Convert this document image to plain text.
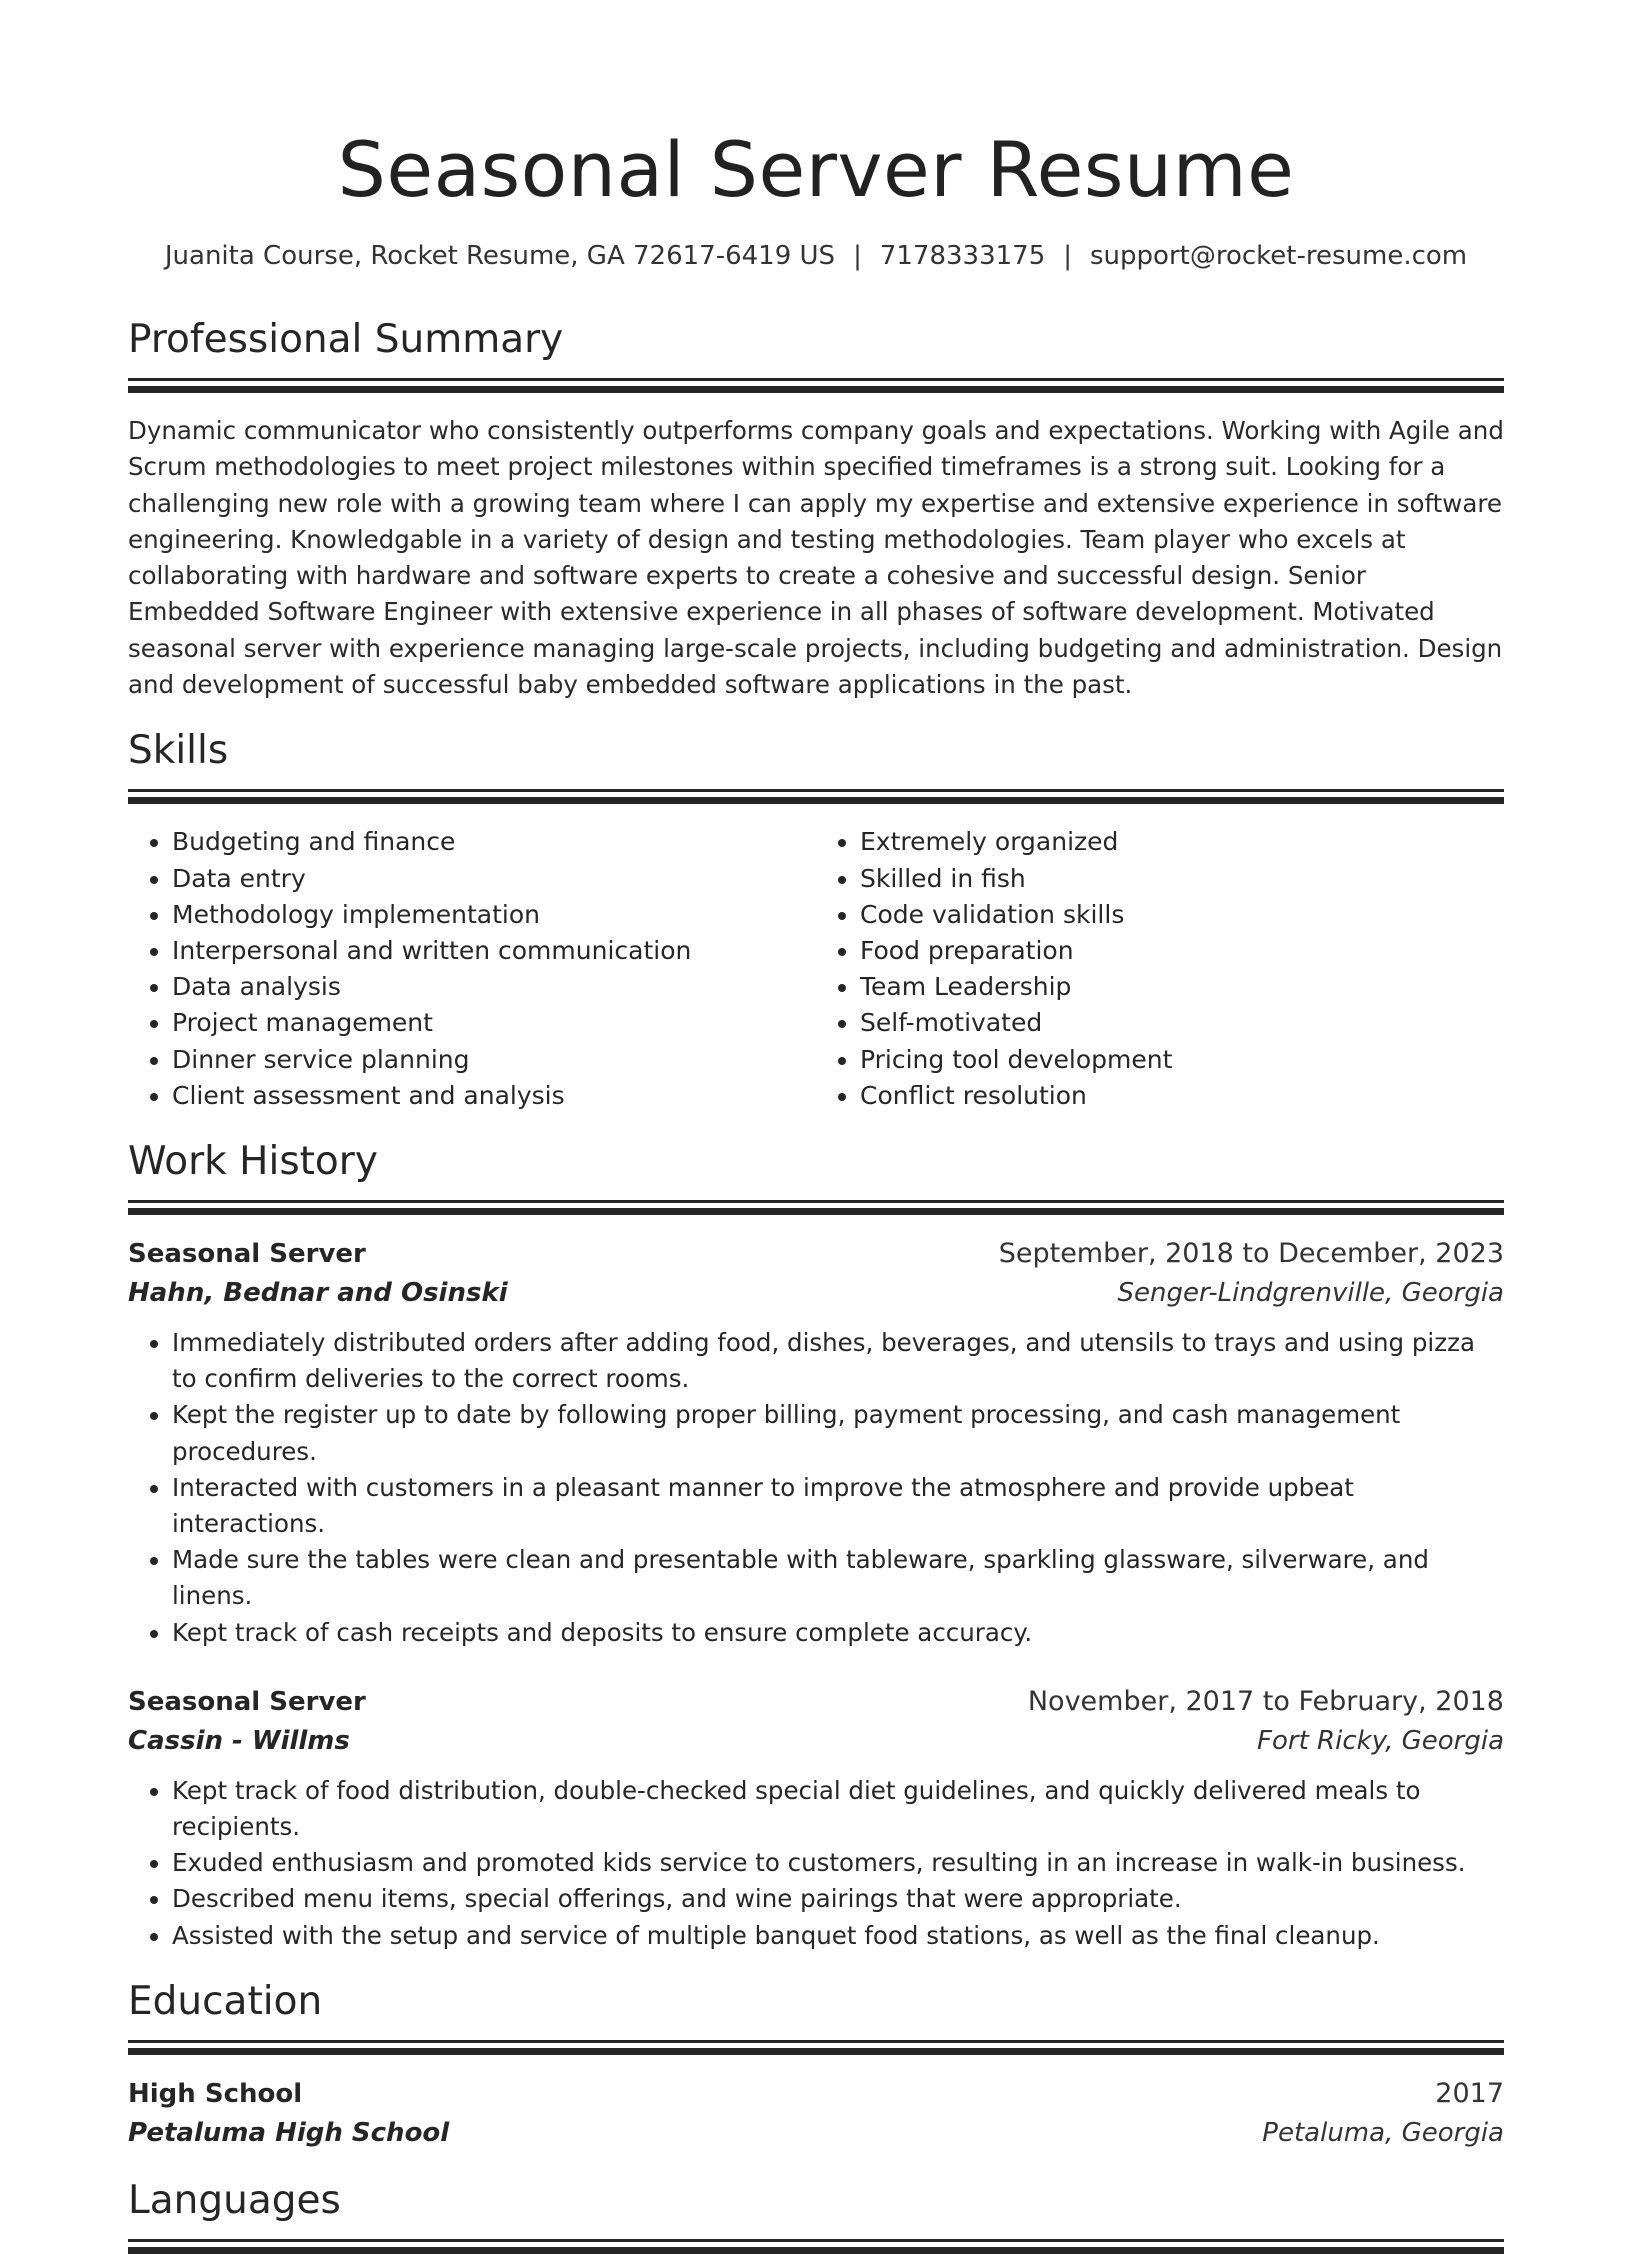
Seasonal Server Resume
Juanita Course, Rocket Resume, GA 72617-6419 US | 7178333175 | support@rocket-resume.com
Professional Summary

Dynamic communicator who consistently outperforms company goals and expectations. Working with Agile and Scrum methodologies to meet project milestones within specified timeframes is a strong suit. Looking for a challenging new role with a growing team where I can apply my expertise and extensive experience in software engineering. Knowledgable in a variety of design and testing methodologies. Team player who excels at collaborating with hardware and software experts to create a cohesive and successful design. Senior Embedded Software Engineer with extensive experience in all phases of software development. Motivated seasonal server with experience managing large-scale projects, including budgeting and administration. Design and development of successful baby embedded software applications in the past.

Skills
• Budgeting and finance
• Data entry
• Methodology implementation
• Interpersonal and written communication
• Data analysis
• Project management
• Dinner service planning
• Client assessment and analysis
• Extremely organized
• Skilled in fish
• Code validation skills
• Food preparation
• Team Leadership
• Self-motivated
• Pricing tool development
• Conflict resolution
Work History
Seasonal Server	September, 2018 to December, 2023
Hahn, Bednar and Osinski	Senger-Lindgrenville, Georgia
• Immediately distributed orders after adding food, dishes, beverages, and utensils to trays and using pizza to confirm deliveries to the correct rooms.
• Kept the register up to date by following proper billing, payment processing, and cash management procedures.
• Interacted with customers in a pleasant manner to improve the atmosphere and provide upbeat interactions.
• Made sure the tables were clean and presentable with tableware, sparkling glassware, silverware, and linens.
• Kept track of cash receipts and deposits to ensure complete accuracy.
Seasonal Server	November, 2017 to February, 2018
Cassin - Willms	Fort Ricky, Georgia
• Kept track of food distribution, double-checked special diet guidelines, and quickly delivered meals to recipients.
• Exuded enthusiasm and promoted kids service to customers, resulting in an increase in walk-in business.
• Described menu items, special offerings, and wine pairings that were appropriate.
• Assisted with the setup and service of multiple banquet food stations, as well as the final cleanup.
Education
High School	2017
Petaluma High School	Petaluma, Georgia
Languages
